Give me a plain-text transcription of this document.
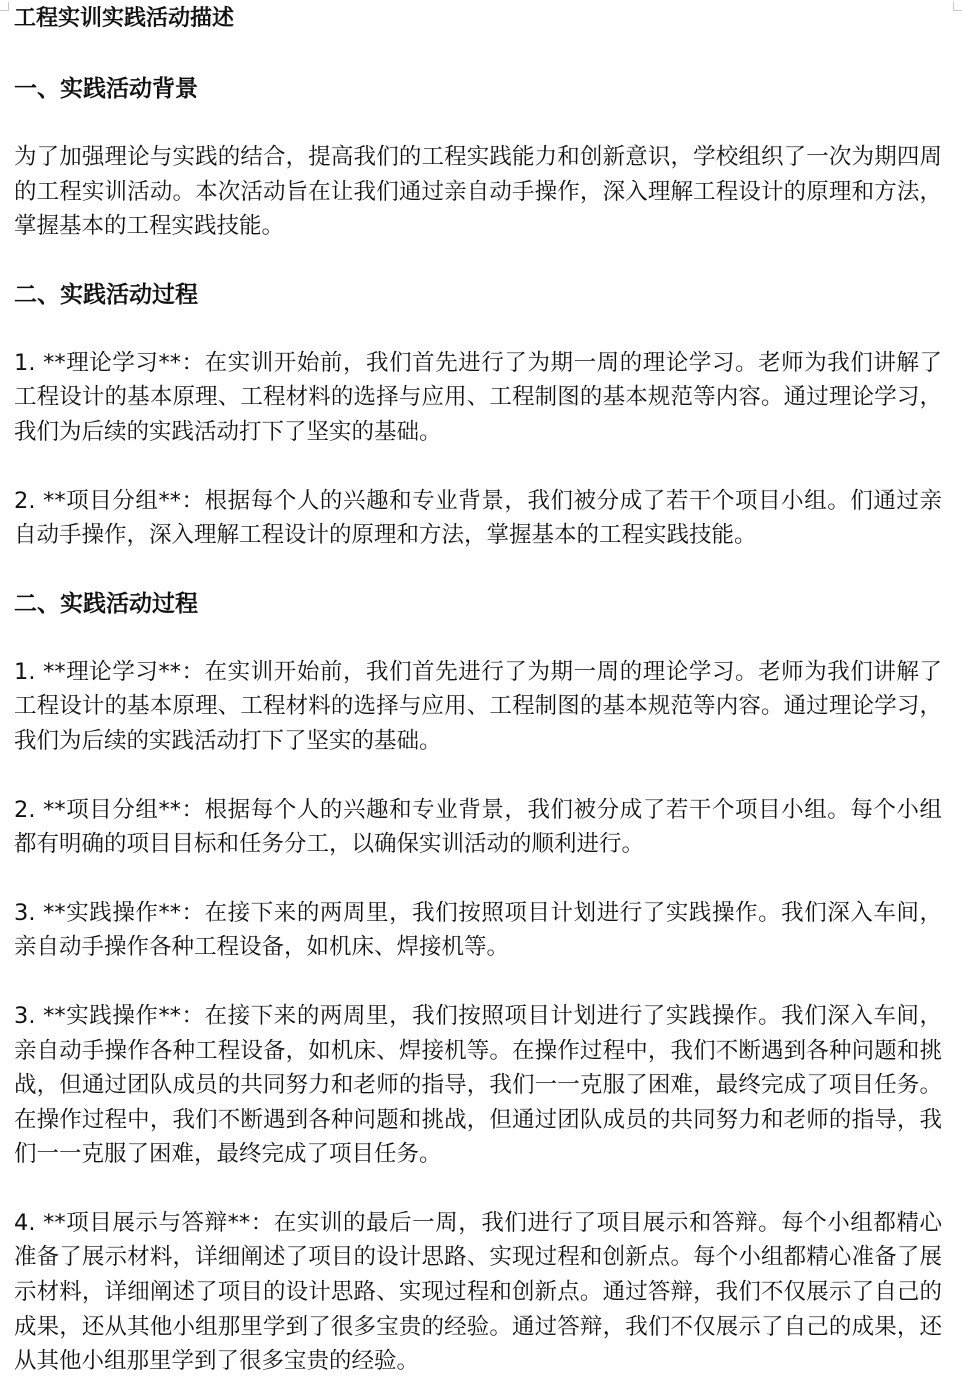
工程实训实践活动描述
一、实践活动背景

为了加强理论与实践的结合，提高我们的工程实践能力和创新意识，学校组织了一次为期四周的工程实训活动。本次活动旨在让我们通过亲自动手操作，深入理解工程设计的原理和方法，掌握基本的工程实践技能。

二、实践活动过程

1. **理论学习**：在实训开始前，我们首先进行了为期一周的理论学习。老师为我们讲解了工程设计的基本原理、工程材料的选择与应用、工程制图的基本规范等内容。通过理论学习，我们为后续的实践活动打下了坚实的基础。

2. **项目分组**：根据每个人的兴趣和专业背景，我们被分成了若干个项目小组。们通过亲自动手操作，深入理解工程设计的原理和方法，掌握基本的工程实践技能。

二、实践活动过程

1. **理论学习**：在实训开始前，我们首先进行了为期一周的理论学习。老师为我们讲解了工程设计的基本原理、工程材料的选择与应用、工程制图的基本规范等内容。通过理论学习，我们为后续的实践活动打下了坚实的基础。

2. **项目分组**：根据每个人的兴趣和专业背景，我们被分成了若干个项目小组。每个小组都有明确的项目目标和任务分工，以确保实训活动的顺利进行。

3. **实践操作**：在接下来的两周里，我们按照项目计划进行了实践操作。我们深入车间，亲自动手操作各种工程设备，如机床、焊接机等。

3. **实践操作**：在接下来的两周里，我们按照项目计划进行了实践操作。我们深入车间，亲自动手操作各种工程设备，如机床、焊接机等。在操作过程中，我们不断遇到各种问题和挑战，但通过团队成员的共同努力和老师的指导，我们一一克服了困难，最终完成了项目任务。在操作过程中，我们不断遇到各种问题和挑战，但通过团队成员的共同努力和老师的指导，我们一一克服了困难，最终完成了项目任务。

4. **项目展示与答辩**：在实训的最后一周，我们进行了项目展示和答辩。每个小组都精心准备了展示材料，详细阐述了项目的设计思路、实现过程和创新点。每个小组都精心准备了展示材料，详细阐述了项目的设计思路、实现过程和创新点。通过答辩，我们不仅展示了自己的成果，还从其他小组那里学到了很多宝贵的经验。通过答辩，我们不仅展示了自己的成果，还从其他小组那里学到了很多宝贵的经验。
